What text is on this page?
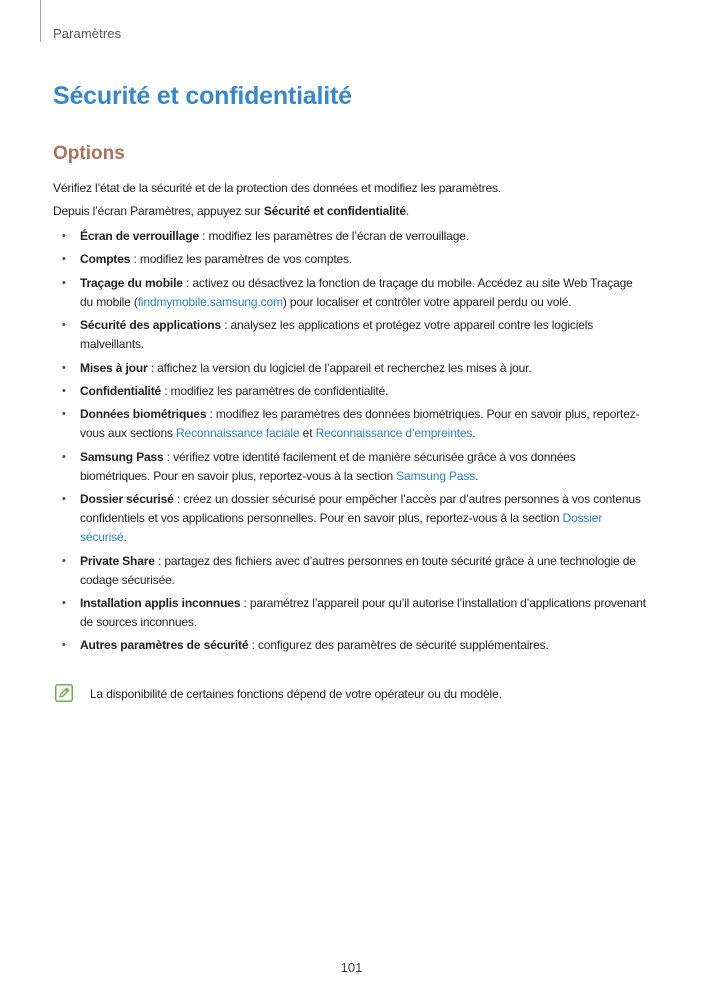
Paramètres
Sécurité et confidentialité
Options

Vérifiez l’état de la sécurité et de la protection des données et modifiez les paramètres.

Depuis l’écran Paramètres, appuyez sur Sécurité et confidentialité.

• Écran de verrouillage : modifiez les paramètres de l’écran de verrouillage.
• Comptes : modifiez les paramètres de vos comptes.
• Traçage du mobile : activez ou désactivez la fonction de traçage du mobile. Accédez au site Web Traçage du mobile (findmymobile.samsung.com) pour localiser et contrôler votre appareil perdu ou volé.
• Sécurité des applications : analysez les applications et protégez votre appareil contre les logiciels malveillants.
• Mises à jour : affichez la version du logiciel de l’appareil et recherchez les mises à jour.
• Confidentialité : modifiez les paramètres de confidentialité.
• Données biométriques : modifiez les paramètres des données biométriques. Pour en savoir plus, reportez-vous aux sections Reconnaissance faciale et Reconnaissance d’empreintes.
• Samsung Pass : vérifiez votre identité facilement et de manière sécurisée grâce à vos données biométriques. Pour en savoir plus, reportez-vous à la section Samsung Pass.
• Dossier sécurisé : créez un dossier sécurisé pour empêcher l’accès par d’autres personnes à vos contenus confidentiels et vos applications personnelles. Pour en savoir plus, reportez-vous à la section Dossier sécurisé.
• Private Share : partagez des fichiers avec d’autres personnes en toute sécurité grâce à une technologie de codage sécurisée.
• Installation applis inconnues : paramétrez l’appareil pour qu’il autorise l’installation d’applications provenant de sources inconnues.
• Autres paramètres de sécurité : configurez des paramètres de sécurité supplémentaires.
La disponibilité de certaines fonctions dépend de votre opérateur ou du modèle.
101
